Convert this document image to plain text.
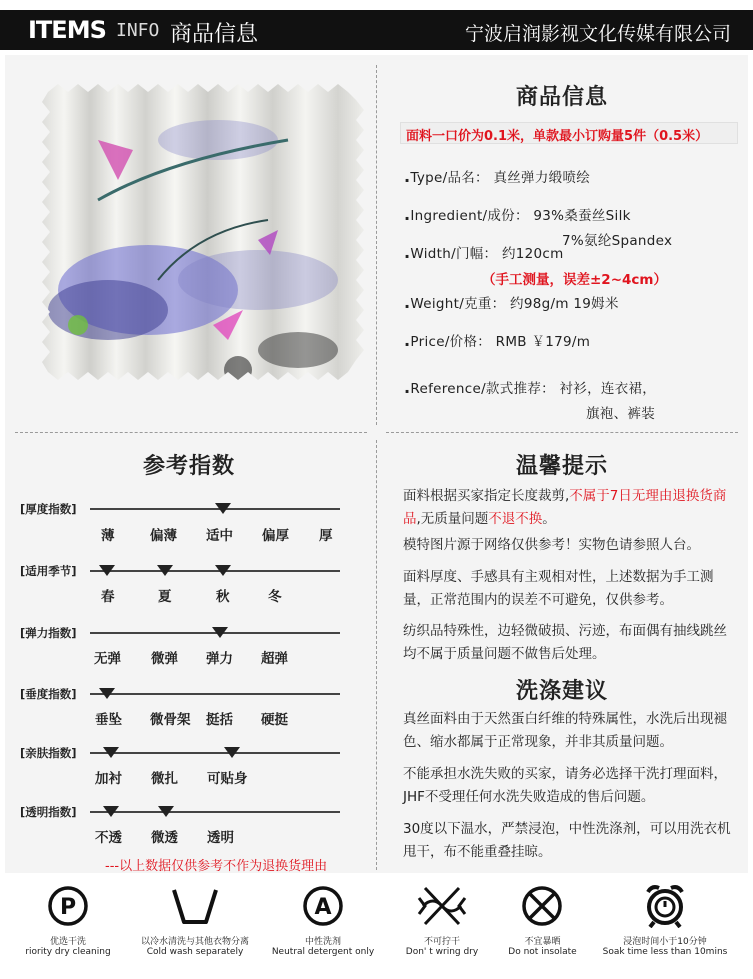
ITEMS INFO 商品信息	宁波启润影视文化传媒有限公司
商品信息
面料一口价为0.1米，单款最小订购量5件（0.5米）
.Type/品名： 真丝弹力缎喷绘
.Ingredient/成份： 93%桑蚕丝Silk
7%氨纶Spandex
.Width/门幅： 约120cm
（手工测量，误差±2~4cm）
.Weight/克重： 约98g/m 19姆米
.Price/价格： RMB ￥179/m
.Reference/款式推荐： 衬衫，连衣裙，
旗袍、裤装
参考指数
[厚度指数]
薄	偏薄 适中 偏厚 厚
[适用季节]
春	夏	秋	冬
[弹力指数]
无弹 微弹 弹力 超弹
[垂度指数]
垂坠 微骨架 挺括 硬挺
[亲肤指数]
加衬 微扎 可贴身
[透明指数]
不透 微透 透明
---以上数据仅供参考不作为退换货理由
温馨提示
面料根据买家指定长度裁剪,不属于7日无理由退换货商品,无质量问题不退不换。
模特图片源于网络仅供参考！实物色请参照人台。
面料厚度、手感具有主观相对性，上述数据为手工测量，正常范围内的误差不可避免，仅供参考。
纺织品特殊性，边轻微破损、污迹，布面偶有抽线跳丝均不属于质量问题不做售后处理。
洗涤建议
真丝面料由于天然蛋白纤维的特殊属性，水洗后出现褪色、缩水都属于正常现象，并非其质量问题。
不能承担水洗失败的买家，请务必选择干洗打理面料，JHF不受理任何水洗失败造成的售后问题。
30度以下温水，严禁浸泡，中性洗涤剂，可以用洗衣机甩干，布不能重叠挂晾。
P
优选干洗
riority dry cleaning
以冷水清洗与其他衣物分离
Cold wash separately
A
中性洗剂
Neutral detergent only
不可拧干
Don' t wring dry
不宜暴晒
Do not insolate
浸泡时间小于10分钟
Soak time less than 10mins
